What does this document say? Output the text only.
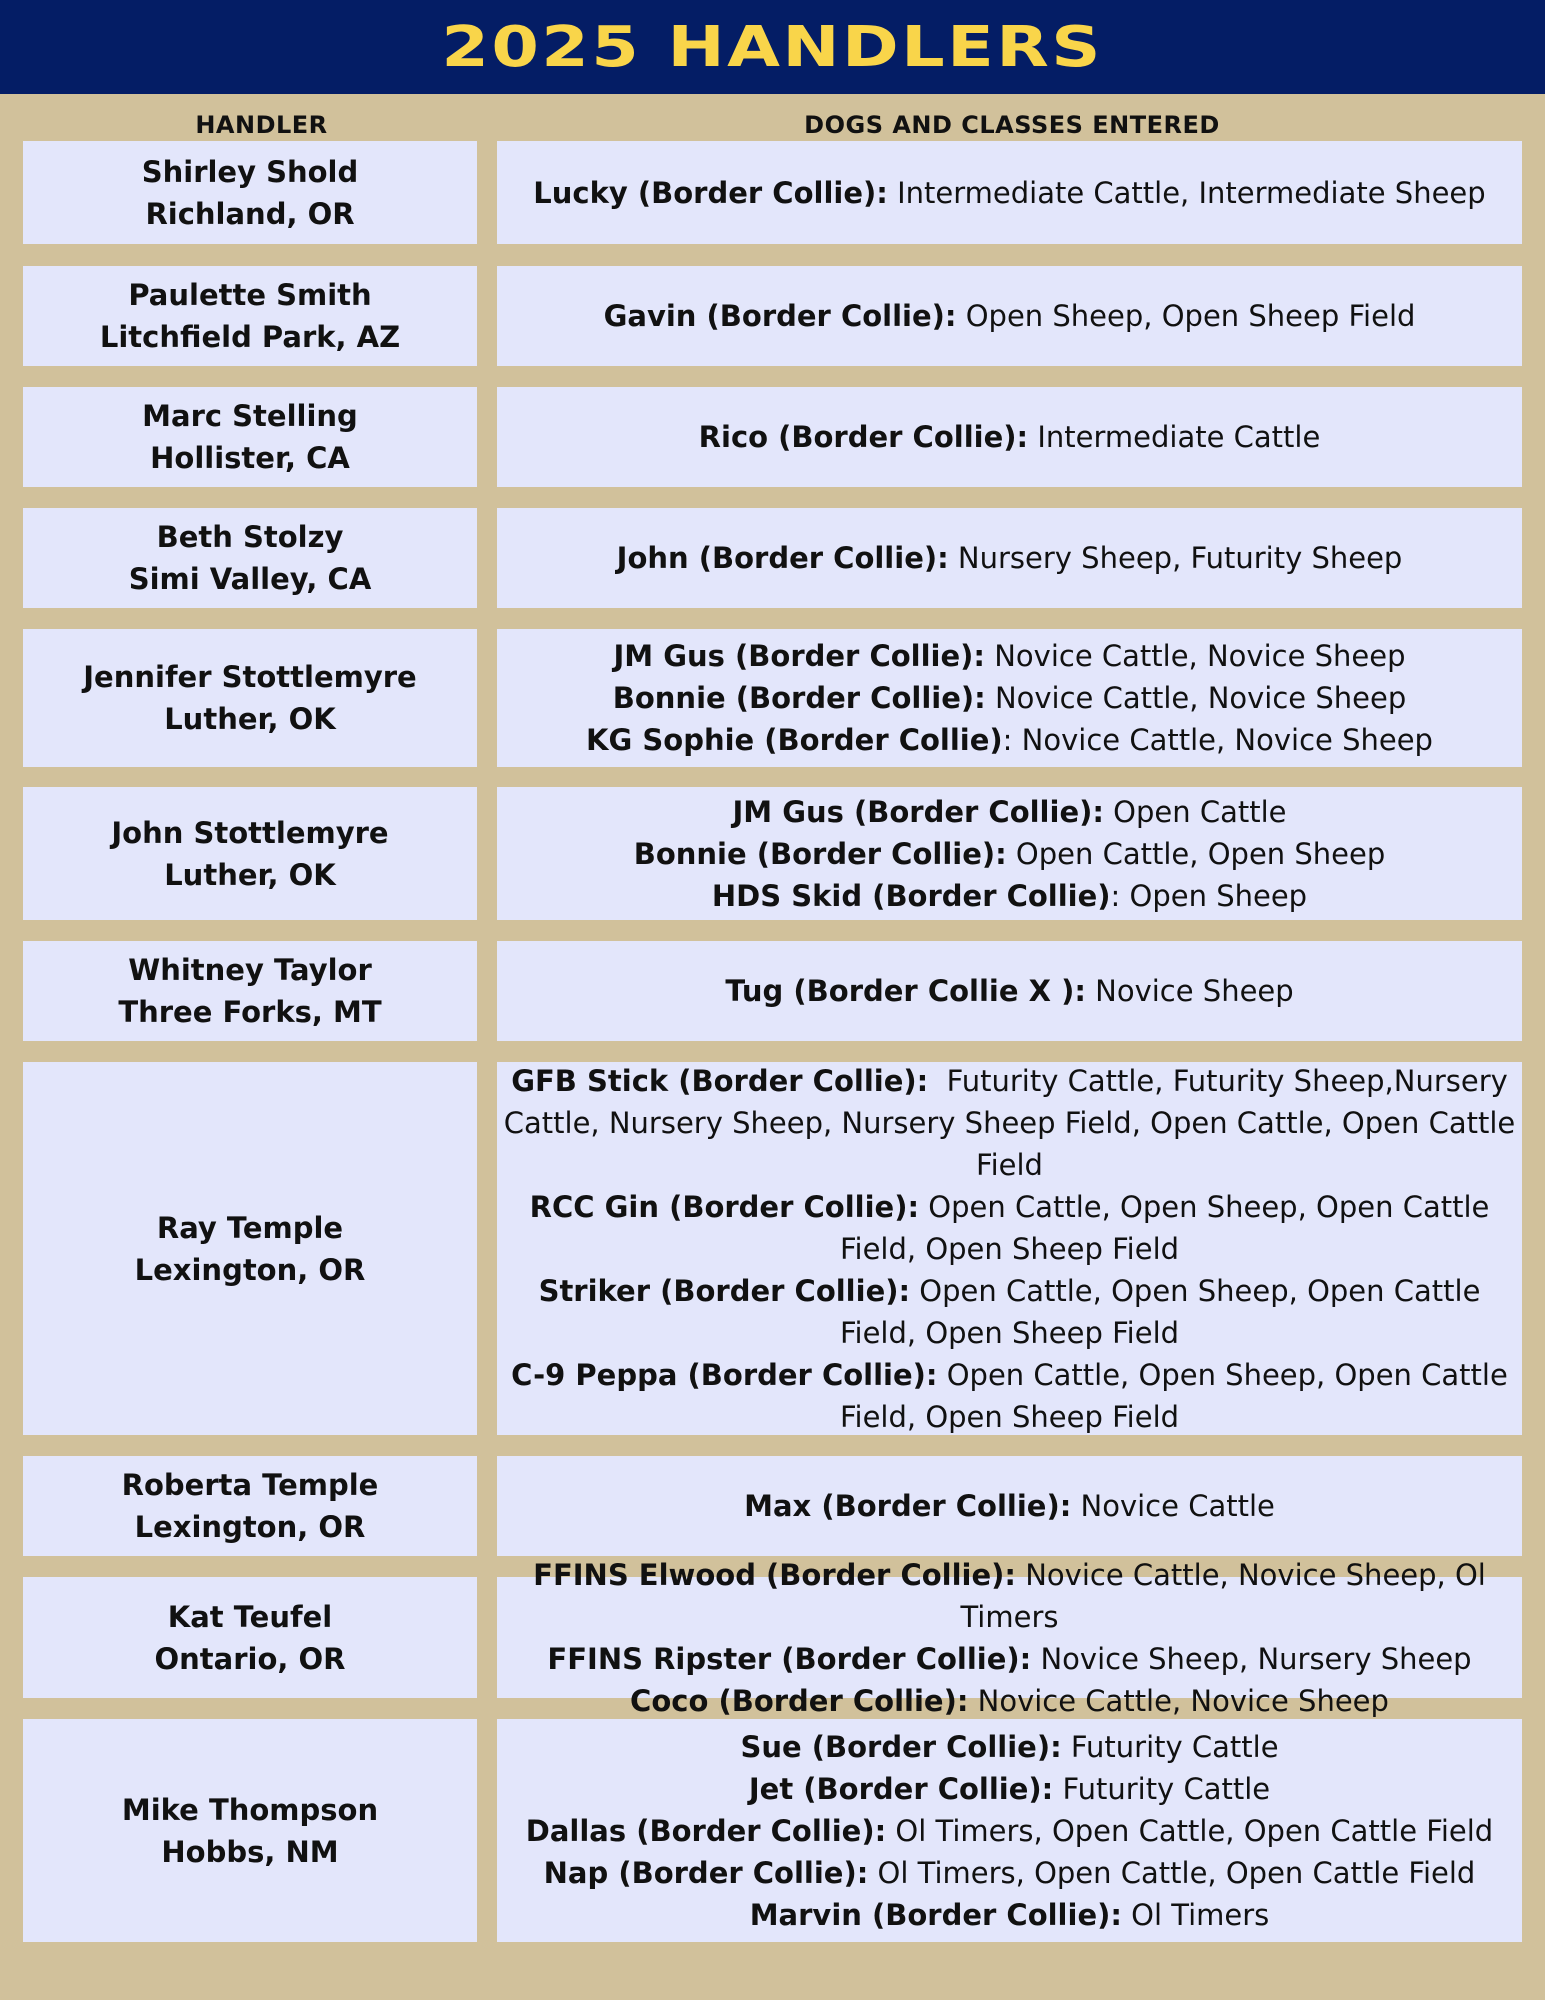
2025 HANDLERS
HANDLER	DOGS AND CLASSES ENTERED
Shirley Shold
Richland, OR
Lucky (Border Collie): Intermediate Cattle, Intermediate Sheep
Paulette Smith
Litchfield Park, AZ
Gavin (Border Collie): Open Sheep, Open Sheep Field
Marc Stelling
Hollister, CA
Rico (Border Collie): Intermediate Cattle
Beth Stolzy
Simi Valley, CA
John (Border Collie): Nursery Sheep, Futurity Sheep
Jennifer Stottlemyre
Luther, OK
JM Gus (Border Collie): Novice Cattle, Novice Sheep
Bonnie (Border Collie): Novice Cattle, Novice Sheep
KG Sophie (Border Collie): Novice Cattle, Novice Sheep
John Stottlemyre
Luther, OK
JM Gus (Border Collie): Open Cattle
Bonnie (Border Collie): Open Cattle, Open Sheep
HDS Skid (Border Collie): Open Sheep
Whitney Taylor
Three Forks, MT
Tug (Border Collie X ): Novice Sheep
Ray Temple
Lexington, OR
GFB Stick (Border Collie):  Futurity Cattle, Futurity Sheep,Nursery Cattle, Nursery Sheep, Nursery Sheep Field, Open Cattle, Open Cattle Field
RCC Gin (Border Collie): Open Cattle, Open Sheep, Open Cattle Field, Open Sheep Field
Striker (Border Collie): Open Cattle, Open Sheep, Open Cattle Field, Open Sheep Field
C-9 Peppa (Border Collie): Open Cattle, Open Sheep, Open Cattle Field, Open Sheep Field
Roberta Temple
Lexington, OR
Max (Border Collie): Novice Cattle
Kat Teufel
Ontario, OR
FFINS Elwood (Border Collie): Novice Cattle, Novice Sheep, Ol Timers
FFINS Ripster (Border Collie): Novice Sheep, Nursery Sheep
Coco (Border Collie): Novice Cattle, Novice Sheep
Mike Thompson
Hobbs, NM
Sue (Border Collie): Futurity Cattle
Jet (Border Collie): Futurity Cattle
Dallas (Border Collie): Ol Timers, Open Cattle, Open Cattle Field
Nap (Border Collie): Ol Timers, Open Cattle, Open Cattle Field
Marvin (Border Collie): Ol Timers
